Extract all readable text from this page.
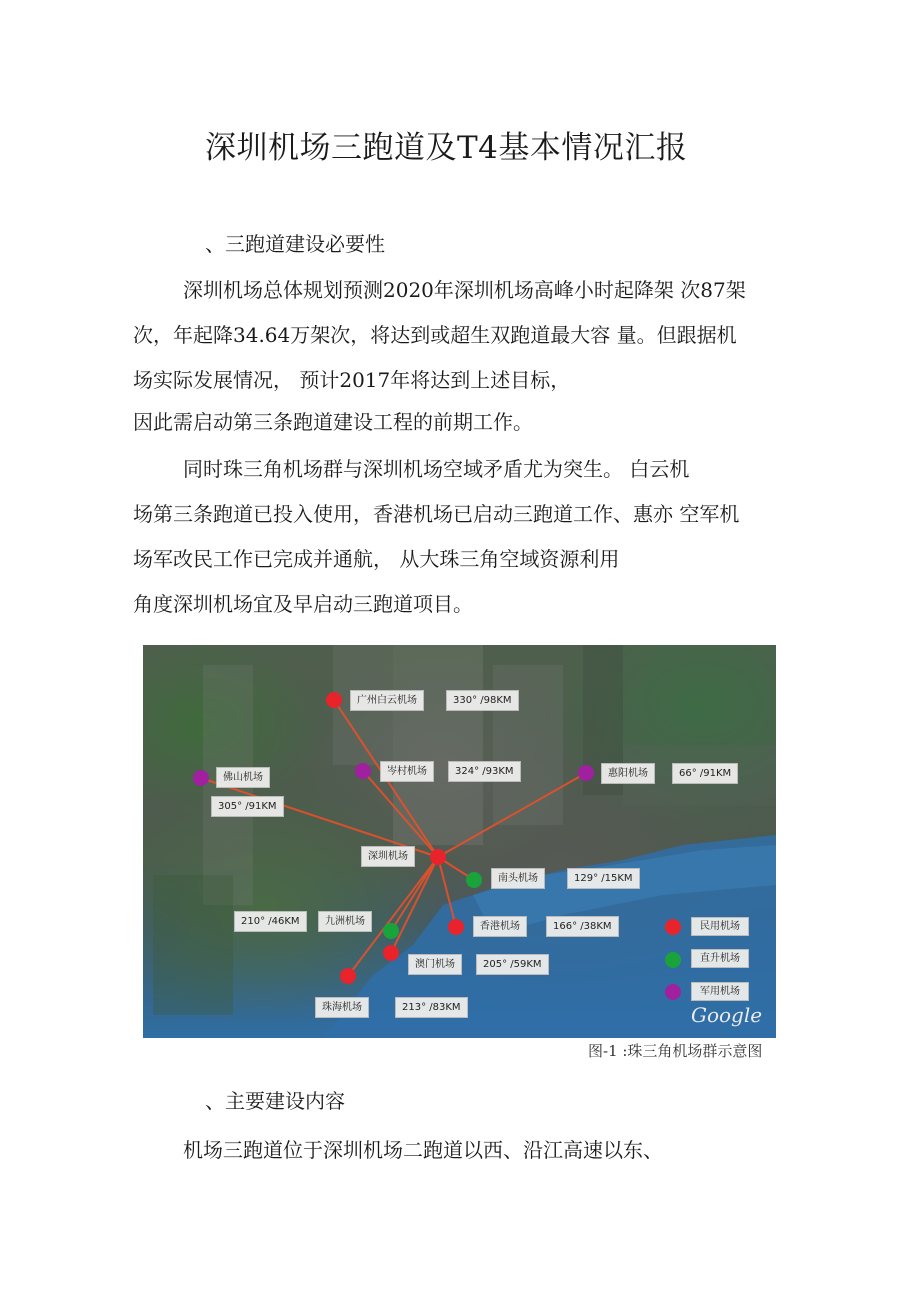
深圳机场三跑道及T4基本情况汇报
、三跑道建设必要性
深圳机场总体规划预测2020年深圳机场高峰小时起降架 次87架
次，年起降34.64万架次，将达到或超生双跑道最大容 量。但跟据机
场实际发展情况， 预计2017年将达到上述目标，
因此需启动第三条跑道建设工程的前期工作。
同时珠三角机场群与深圳机场空域矛盾尤为突生。 白云机
场第三条跑道已投入使用，香港机场已启动三跑道工作、惠亦 空军机
场军改民工作已完成并通航， 从大珠三角空域资源利用
角度深圳机场宜及早启动三跑道项目。
广州白云机场	330° /98KM
佛山机场
305° /91KM
岑村机场	324° /93KM	惠阳机场	66° /91KM
深圳机场
南头机场	129° /15KM
210° /46KM	九洲机场	香港机场	166° /38KM
澳门机场	205° /59KM
珠海机场	213° /83KM
民用机场
直升机场
军用机场
Google
图-1 :珠三角机场群示意图
、主要建设内容
机场三跑道位于深圳机场二跑道以西、沿江高速以东、
